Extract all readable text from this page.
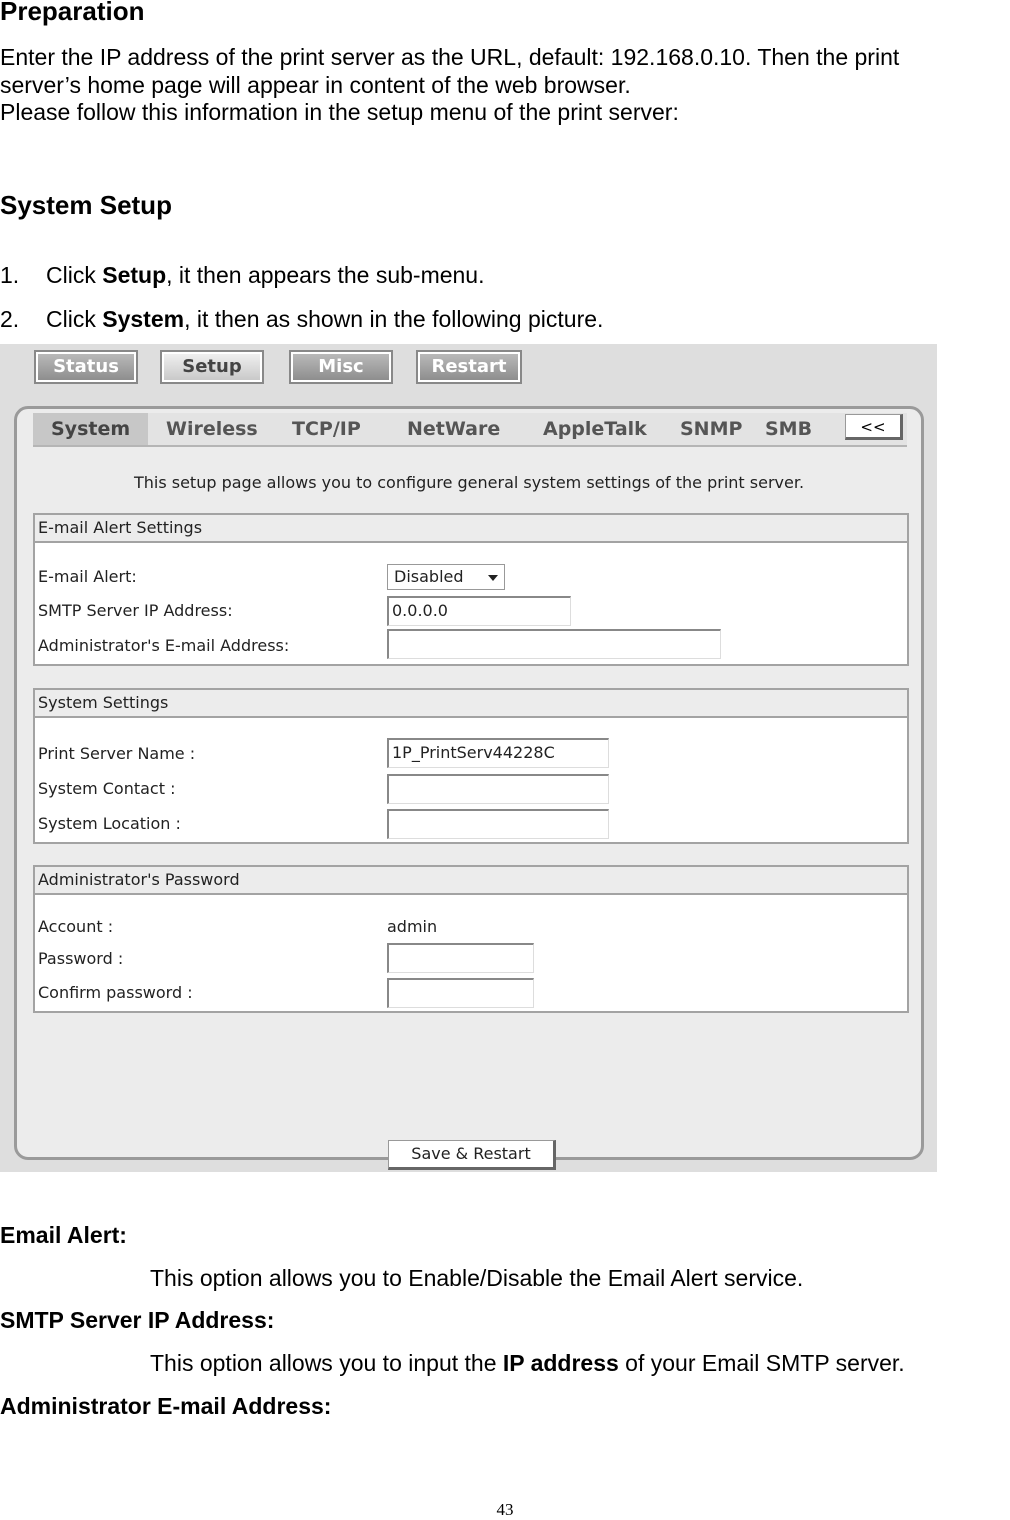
Preparation
Enter the IP address of the print server as the URL, default: 192.168.0.10. Then the print
server’s home page will appear in content of the web browser.
Please follow this information in the setup menu of the print server:
System Setup
1. Click Setup, it then appears the sub-menu.
2. Click System, it then as shown in the following picture.
Status	Setup	Misc	Restart
System	Wireless TCP/IP NetWare AppleTalk SNMP SMB	<<
This setup page allows you to configure general system settings of the print server.
E-mail Alert Settings
E-mail Alert:	Disabled
SMTP Server IP Address:	0.0.0.0
Administrator's E-mail Address:
System Settings
Print Server Name :	1P_PrintServ44228C
System Contact :
System Location :
Administrator's Password
Account :	admin
Password :
Confirm password :
Save & Restart
Email Alert:
This option allows you to Enable/Disable the Email Alert service.
SMTP Server IP Address:
This option allows you to input the IP address of your Email SMTP server.
Administrator E-mail Address:
43
